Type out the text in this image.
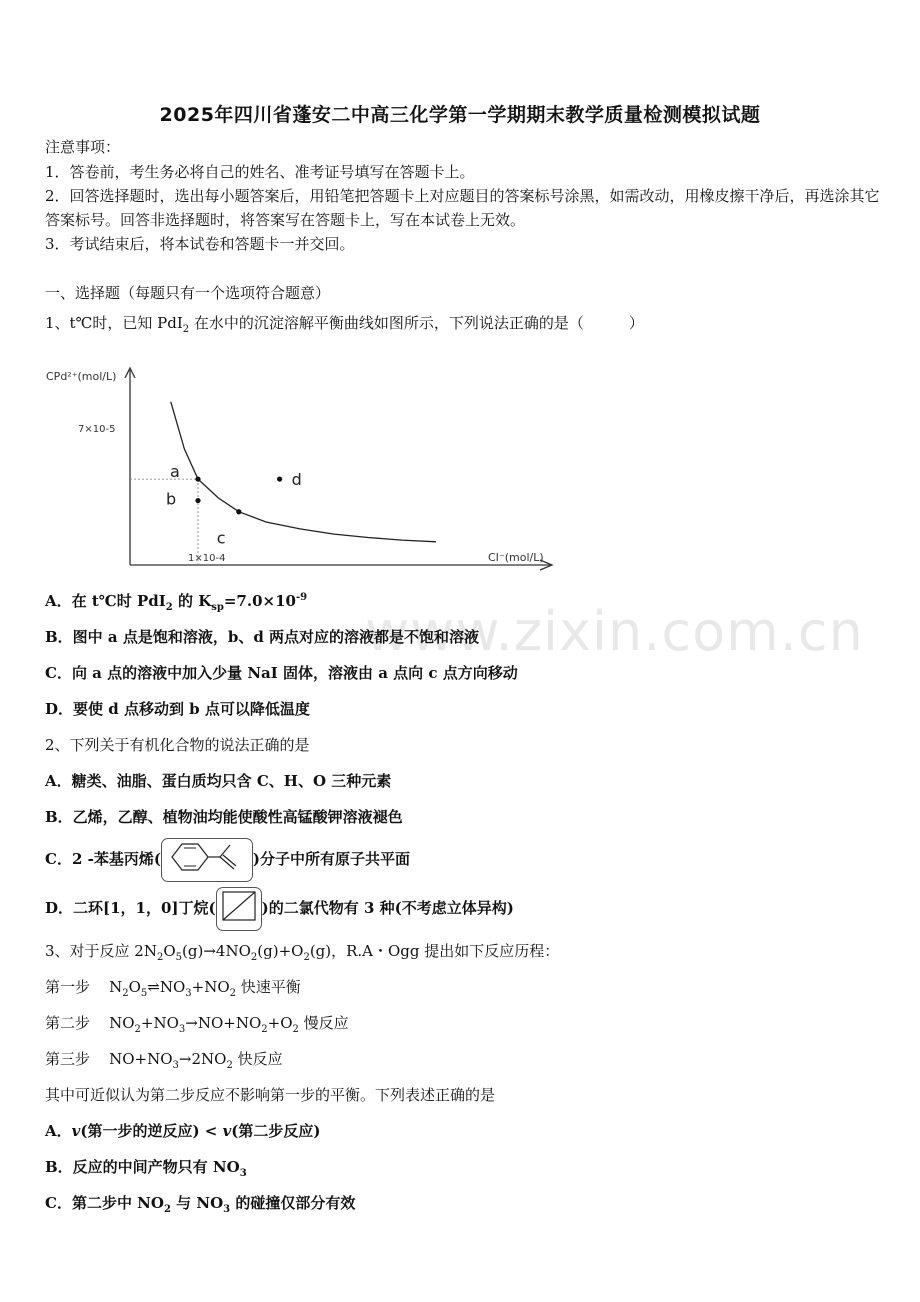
2025年四川省蓬安二中高三化学第一学期期末教学质量检测模拟试题
注意事项：
1．答卷前，考生务必将自己的姓名、准考证号填写在答题卡上。
2．回答选择题时，选出每小题答案后，用铅笔把答题卡上对应题目的答案标号涂黑，如需改动，用橡皮擦干净后，再选涂其它答案标号。回答非选择题时，将答案写在答题卡上，写在本试卷上无效。
3．考试结束后，将本试卷和答题卡一并交回。
一、选择题（每题只有一个选项符合题意）
1、t℃时，已知 PdI$_2$ 在水中的沉淀溶解平衡曲线如图所示，下列说法正确的是（　　　）
CPd²⁺(mol/L)
CI⁻(mol/L)
7×10-5
1×10-4
a
b
c
d
A．在 t℃时 PdI$_2$ 的 $K_{sp}=7.0\times 10^{-9}$
B．图中 a 点是饱和溶液，b、d 两点对应的溶液都是不饱和溶液
C．向 a 点的溶液中加入少量 NaI 固体，溶液由 a 点向 c 点方向移动
D．要使 d 点移动到 b 点可以降低温度
2、下列关于有机化合物的说法正确的是
A．糖类、油脂、蛋白质均只含 C、H、O 三种元素
B．乙烯，乙醇、植物油均能使酸性高锰酸钾溶液褪色
C．2 -苯基丙烯(	)分子中所有原子共平面
D．二环[1，1，0]丁烷(	)的二氯代物有 3 种(不考虑立体异构)
3、对于反应 $2N_2O_5(g)\to 4NO_2(g)+O_2(g)$，R.A・Ogg 提出如下反应历程：
第一步 $N_2O_5\rightleftharpoons NO_3+NO_2$ 快速平衡
第二步 $NO_2+NO_3\to NO+NO_2+O_2$ 慢反应
第三步 $NO+NO_3\to 2NO_2$ 快反应
其中可近似认为第二步反应不影响第一步的平衡。下列表述正确的是
A．v(第一步的逆反应) < v(第二步反应)
B．反应的中间产物只有 $NO_3$
C．第二步中 $NO_2$ 与 $NO_3$ 的碰撞仅部分有效
www.zixin.com.cn
